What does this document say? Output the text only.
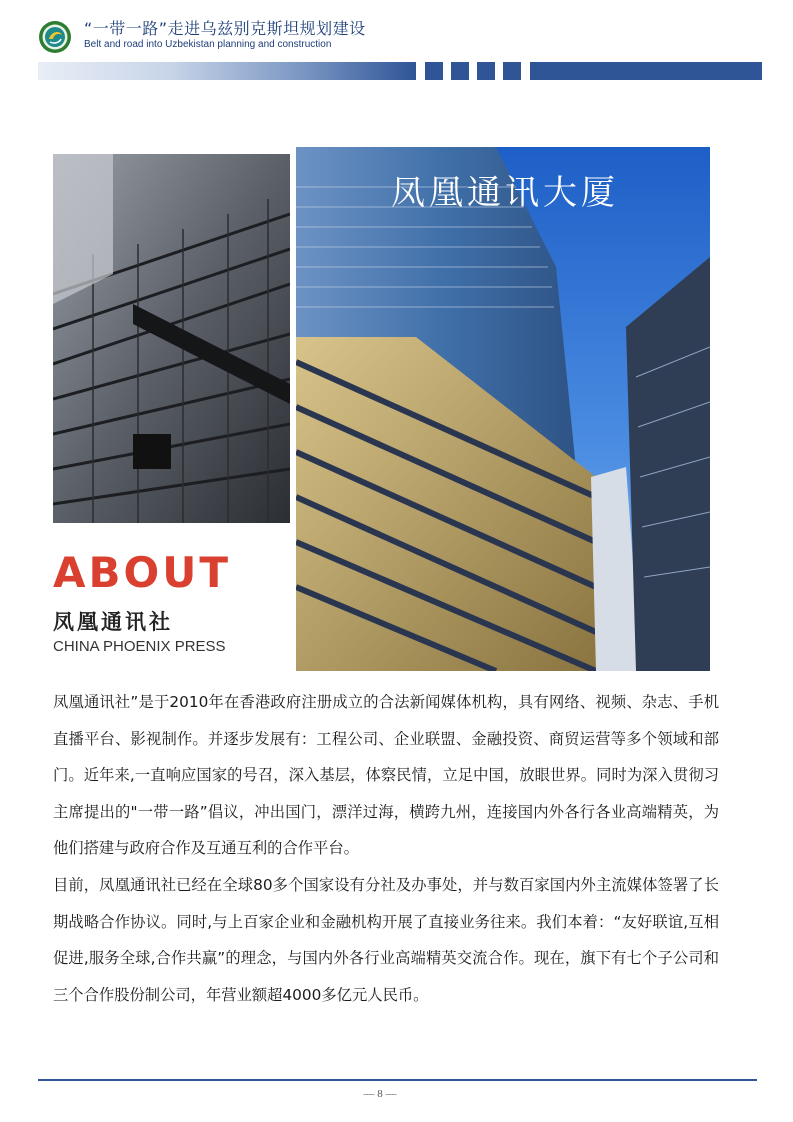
“一带一路”走进乌兹别克斯坦规划建设
Belt and road into Uzbekistan planning and construction
凤凰通讯大厦
ABOUT
凤凰通讯社
CHINA PHOENIX PRESS

凤凰通讯社”是于2010年在香港政府注册成立的合法新闻媒体机构，具有网络、视频、杂志、手机直播平台、影视制作。并逐步发展有：工程公司、企业联盟、金融投资、商贸运营等多个领域和部门。近年来,一直响应国家的号召，深入基层，体察民情，立足中国，放眼世界。同时为深入贯彻习主席提出的"一带一路”倡议，冲出国门，漂洋过海，横跨九州，连接国内外各行各业高端精英，为他们搭建与政府合作及互通互利的合作平台。

目前，凤凰通讯社已经在全球80多个国家设有分社及办事处，并与数百家国内外主流媒体签署了长期战略合作协议。同时,与上百家企业和金融机构开展了直接业务往来。我们本着：“友好联谊,互相促进,服务全球,合作共赢”的理念，与国内外各行业高端精英交流合作。现在，旗下有七个子公司和三个合作股份制公司，年营业额超4000多亿元人民币。

— 8 —
